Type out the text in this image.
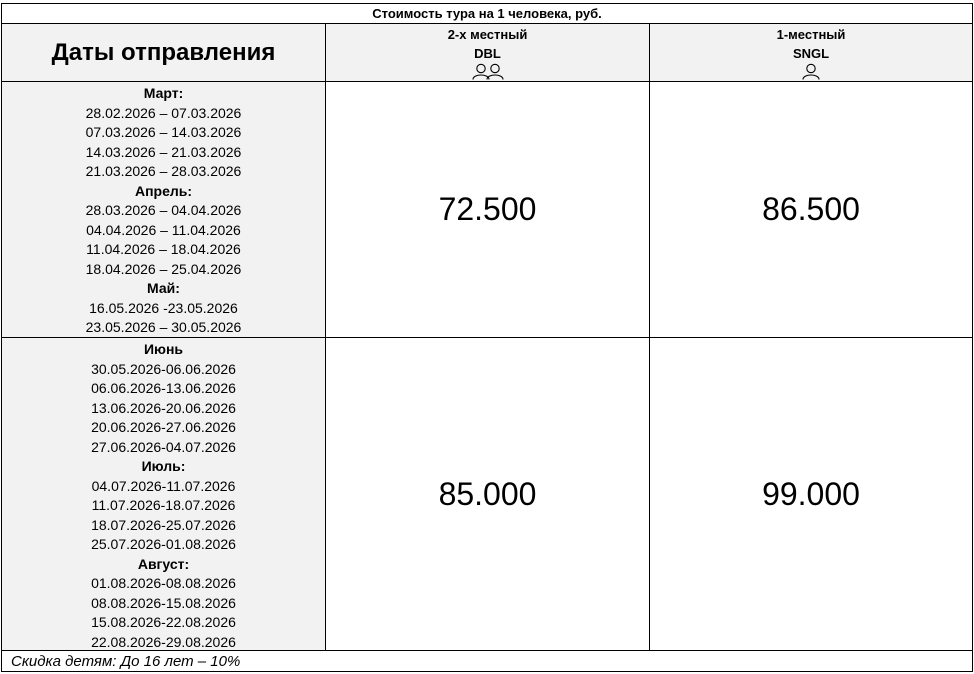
Стоимость тура на 1 человека, руб.
Даты отправления
2-х местный
DBL
1-местный
SNGL
Март:
28.02.2026 – 07.03.2026
07.03.2026 – 14.03.2026
14.03.2026 – 21.03.2026
21.03.2026 – 28.03.2026
Апрель:
28.03.2026 – 04.04.2026
04.04.2026 – 11.04.2026
11.04.2026 – 18.04.2026
18.04.2026 – 25.04.2026
Май:
16.05.2026 -23.05.2026
23.05.2026 – 30.05.2026
72.500	86.500
Июнь
30.05.2026-06.06.2026
06.06.2026-13.06.2026
13.06.2026-20.06.2026
20.06.2026-27.06.2026
27.06.2026-04.07.2026
Июль:
04.07.2026-11.07.2026
11.07.2026-18.07.2026
18.07.2026-25.07.2026
25.07.2026-01.08.2026
Август:
01.08.2026-08.08.2026
08.08.2026-15.08.2026
15.08.2026-22.08.2026
22.08.2026-29.08.2026
85.000	99.000
Скидка детям: До 16 лет – 10%
